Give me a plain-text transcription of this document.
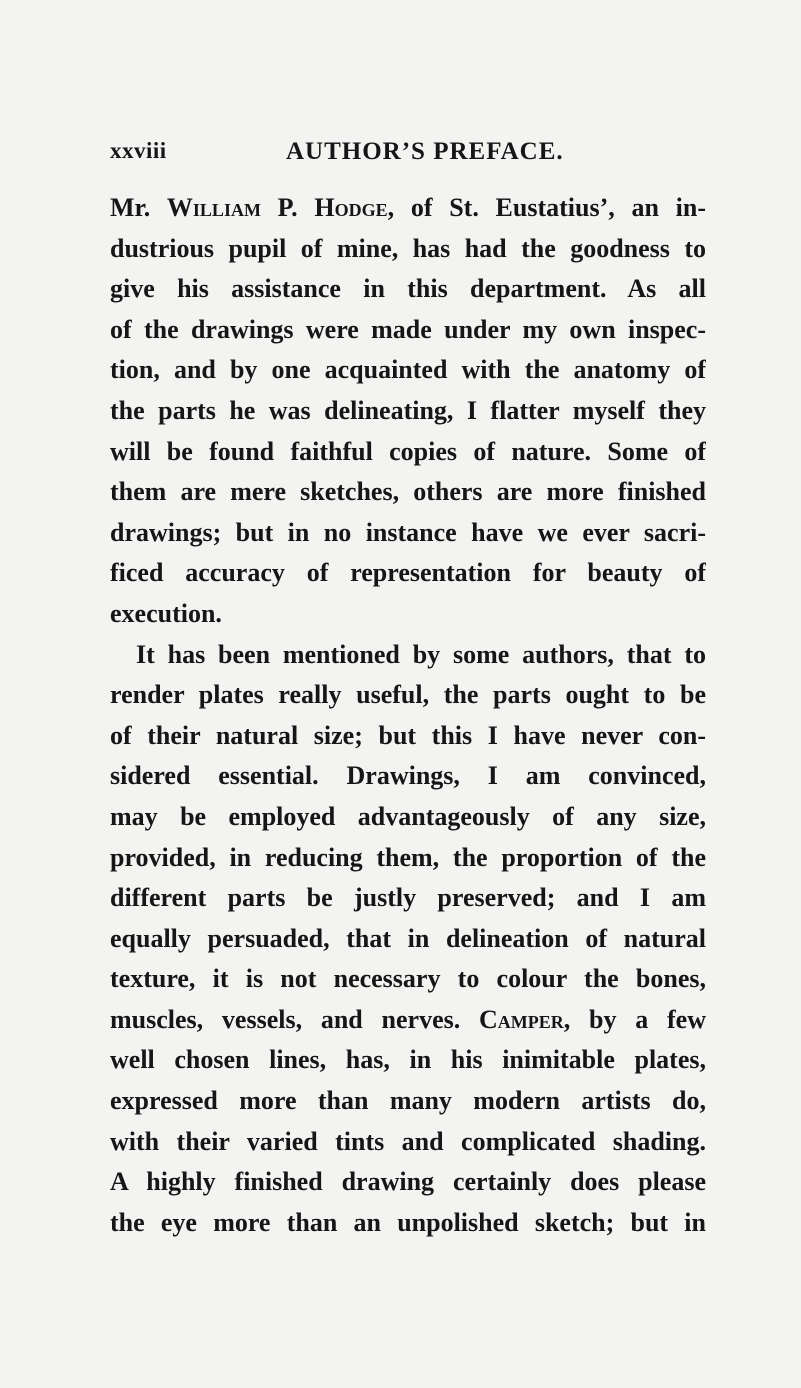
xxviii	AUTHOR’S PREFACE.
Mr. William P. Hodge, of St. Eustatius’, an in-
dustrious pupil of mine, has had the goodness to
give his assistance in this department. As all
of the drawings were made under my own inspec-
tion, and by one acquainted with the anatomy of
the parts he was delineating, I flatter myself they
will be found faithful copies of nature. Some of
them are mere sketches, others are more finished
drawings; but in no instance have we ever sacri-
ficed accuracy of representation for beauty of
execution.
It has been mentioned by some authors, that to
render plates really useful, the parts ought to be
of their natural size; but this I have never con-
sidered essential. Drawings, I am convinced,
may be employed advantageously of any size,
provided, in reducing them, the proportion of the
different parts be justly preserved; and I am
equally persuaded, that in delineation of natural
texture, it is not necessary to colour the bones,
muscles, vessels, and nerves. Camper, by a few
well chosen lines, has, in his inimitable plates,
expressed more than many modern artists do,
with their varied tints and complicated shading.
A highly finished drawing certainly does please
the eye more than an unpolished sketch; but in
